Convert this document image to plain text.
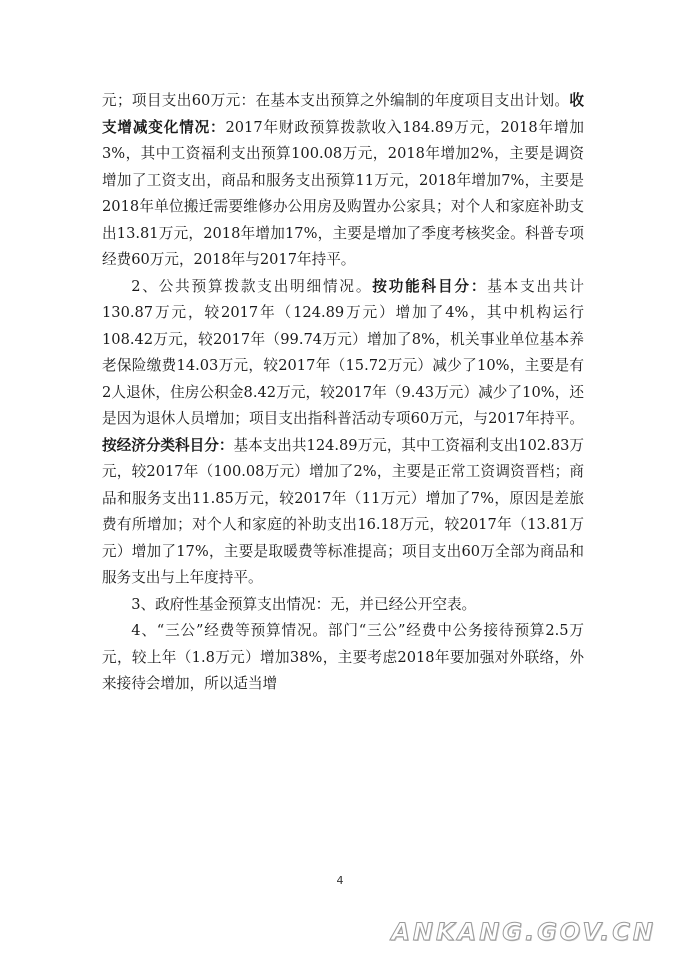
元；项目支出60万元：在基本支出预算之外编制的年度项目支出计划。收支增减变化情况：2017年财政预算拨款收入184.89万元，2018年增加3%，其中工资福利支出预算100.08万元，2018年增加2%，主要是调资增加了工资支出，商品和服务支出预算11万元，2018年增加7%，主要是2018年单位搬迁需要维修办公用房及购置办公家具；对个人和家庭补助支出13.81万元，2018年增加17%，主要是增加了季度考核奖金。科普专项经费60万元，2018年与2017年持平。

2、公共预算拨款支出明细情况。按功能科目分：基本支出共计130.87万元，较2017年（124.89万元）增加了4%，其中机构运行108.42万元，较2017年（99.74万元）增加了8%，机关事业单位基本养老保险缴费14.03万元，较2017年（15.72万元）减少了10%，主要是有2人退休，住房公积金8.42万元，较2017年（9.43万元）减少了10%，还是因为退休人员增加；项目支出指科普活动专项60万元，与2017年持平。按经济分类科目分：基本支出共124.89万元，其中工资福利支出102.83万元，较2017年（100.08万元）增加了2%，主要是正常工资调资晋档；商品和服务支出11.85万元，较2017年（11万元）增加了7%，原因是差旅费有所增加；对个人和家庭的补助支出16.18万元，较2017年（13.81万元）增加了17%，主要是取暖费等标准提高；项目支出60万全部为商品和服务支出与上年度持平。

3、政府性基金预算支出情况：无，并已经公开空表。

4、“三公”经费等预算情况。部门“三公”经费中公务接待预算2.5万元，较上年（1.8万元）增加38%，主要考虑2018年要加强对外联络，外来接待会增加，所以适当增

4
ANKANG.GOV.CN
